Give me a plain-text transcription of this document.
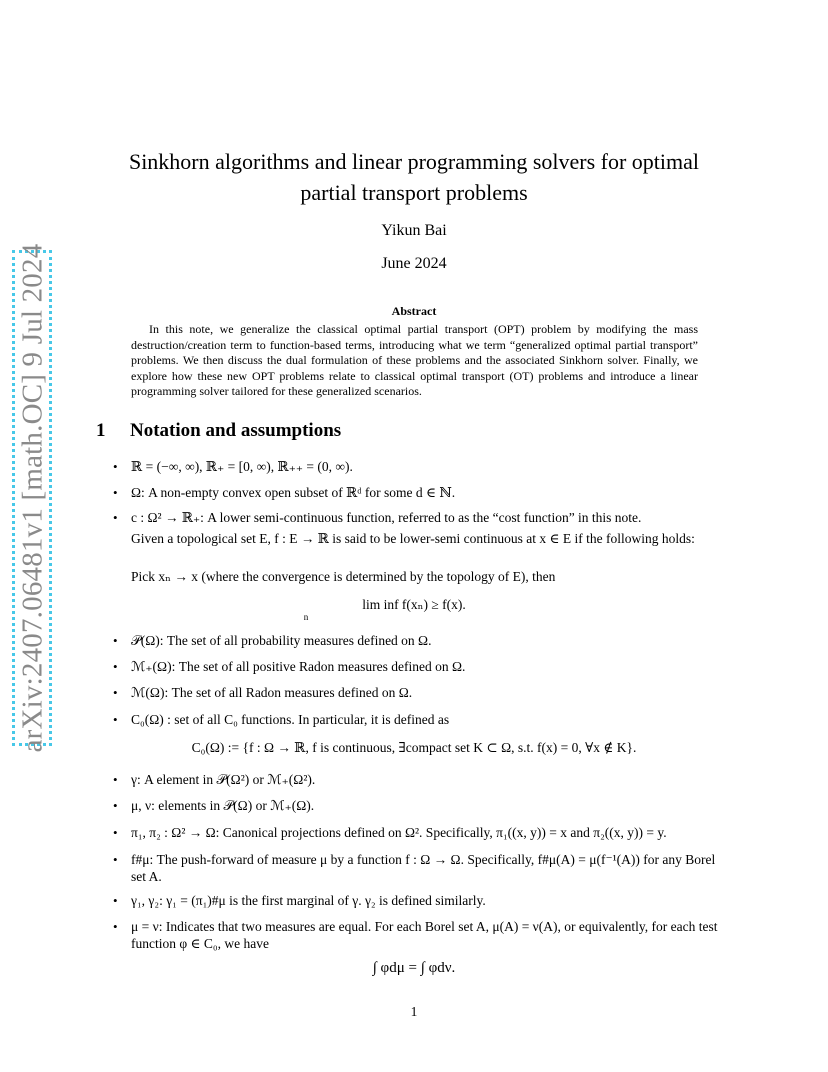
arXiv:2407.06481v1 [math.OC] 9 Jul 2024
Sinkhorn algorithms and linear programming solvers for optimal
partial transport problems
Yikun Bai
June 2024
Abstract
In this note, we generalize the classical optimal partial transport (OPT) problem by modifying the mass destruction/creation term to function-based terms, introducing what we term “generalized optimal partial transport” problems. We then discuss the dual formulation of these problems and the associated Sinkhorn solver. Finally, we explore how these new OPT problems relate to classical optimal transport (OT) problems and introduce a linear programming solver tailored for these generalized scenarios.
1 Notation and assumptions
• ℝ = (−∞, ∞), ℝ₊ = [0, ∞), ℝ₊₊ = (0, ∞).
• Ω: A non-empty convex open subset of ℝᵈ for some d ∈ ℕ.
• c : Ω² → ℝ₊: A lower semi-continuous function, referred to as the “cost function” in this note.
Given a topological set E, f : E → ℝ is said to be lower-semi continuous at x ∈ E if the following holds:
Pick xₙ → x (where the convergence is determined by the topology of E), then
lim inf f(xₙ) ≥ f(x).
n
• 𝒫(Ω): The set of all probability measures defined on Ω.
• ℳ₊(Ω): The set of all positive Radon measures defined on Ω.
• ℳ(Ω): The set of all Radon measures defined on Ω.
• C₀(Ω) : set of all C₀ functions. In particular, it is defined as
C₀(Ω) := {f : Ω → ℝ, f is continuous, ∃compact set K ⊂ Ω, s.t. f(x) = 0, ∀x ∉ K}.
• γ: A element in 𝒫(Ω²) or ℳ₊(Ω²).
• μ, ν: elements in 𝒫(Ω) or ℳ₊(Ω).
• π₁, π₂ : Ω² → Ω: Canonical projections defined on Ω². Specifically, π₁((x, y)) = x and π₂((x, y)) = y.
• f#μ: The push-forward of measure μ by a function f : Ω → Ω. Specifically, f#μ(A) = μ(f⁻¹(A)) for any Borel set A.
• γ₁, γ₂: γ₁ = (π₁)#μ is the first marginal of γ. γ₂ is defined similarly.
• μ = ν: Indicates that two measures are equal. For each Borel set A, μ(A) = ν(A), or equivalently, for each test function φ ∈ C₀, we have
∫ φdμ = ∫ φdν.
1
